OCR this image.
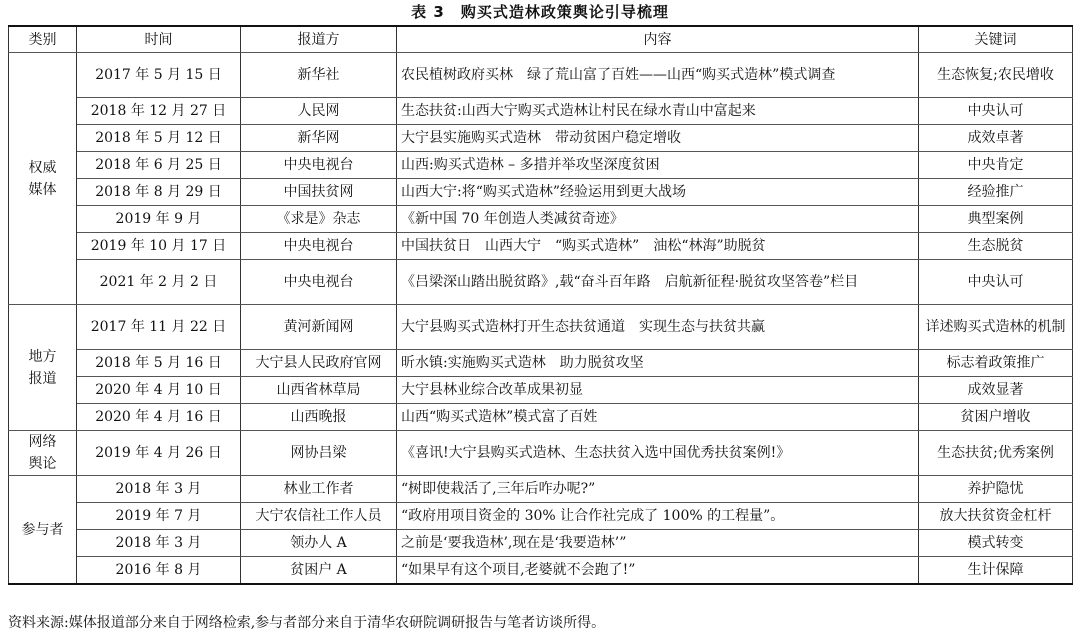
表 3　购买式造林政策舆论引导梳理
类别	时间	报道方	内容	关键词
权威媒体	2017 年 5 月 15 日	新华社	农民植树政府买林　绿了荒山富了百姓——山西“购买式造林”模式调查	生态恢复;农民增收
	2018 年 12 月 27 日	人民网	生态扶贫:山西大宁购买式造林让村民在绿水青山中富起来	中央认可
	2018 年 5 月 12 日	新华网	大宁县实施购买式造林　带动贫困户稳定增收	成效卓著
	2018 年 6 月 25 日	中央电视台	山西:购买式造林 – 多措并举攻坚深度贫困	中央肯定
	2018 年 8 月 29 日	中国扶贫网	山西大宁:将“购买式造林”经验运用到更大战场	经验推广
	2019 年 9 月	《求是》杂志	《新中国 70 年创造人类减贫奇迹》	典型案例
	2019 年 10 月 17 日	中央电视台	中国扶贫日　山西大宁　“购买式造林”　油松“林海”助脱贫	生态脱贫
	2021 年 2 月 2 日	中央电视台	《吕梁深山踏出脱贫路》,载“奋斗百年路　启航新征程·脱贫攻坚答卷”栏目	中央认可
地方报道	2017 年 11 月 22 日	黄河新闻网	大宁县购买式造林打开生态扶贫通道　实现生态与扶贫共赢	详述购买式造林的机制
	2018 年 5 月 16 日	大宁县人民政府官网	昕水镇:实施购买式造林　助力脱贫攻坚	标志着政策推广
	2020 年 4 月 10 日	山西省林草局	大宁县林业综合改革成果初显	成效显著
	2020 年 4 月 16 日	山西晚报	山西“购买式造林”模式富了百姓	贫困户增收
网络舆论	2019 年 4 月 26 日	网协吕梁	《喜讯!大宁县购买式造林、生态扶贫入选中国优秀扶贫案例!》	生态扶贫;优秀案例
参与者	2018 年 3 月	林业工作者	“树即使栽活了,三年后咋办呢?”	养护隐忧
	2019 年 7 月	大宁农信社工作人员	“政府用项目资金的 30% 让合作社完成了 100% 的工程量”。	放大扶贫资金杠杆
	2018 年 3 月	领办人 A	之前是‘要我造林’,现在是‘我要造林’”	模式转变
	2016 年 8 月	贫困户 A	“如果早有这个项目,老婆就不会跑了!”	生计保障
资料来源:媒体报道部分来自于网络检索,参与者部分来自于清华农研院调研报告与笔者访谈所得。
